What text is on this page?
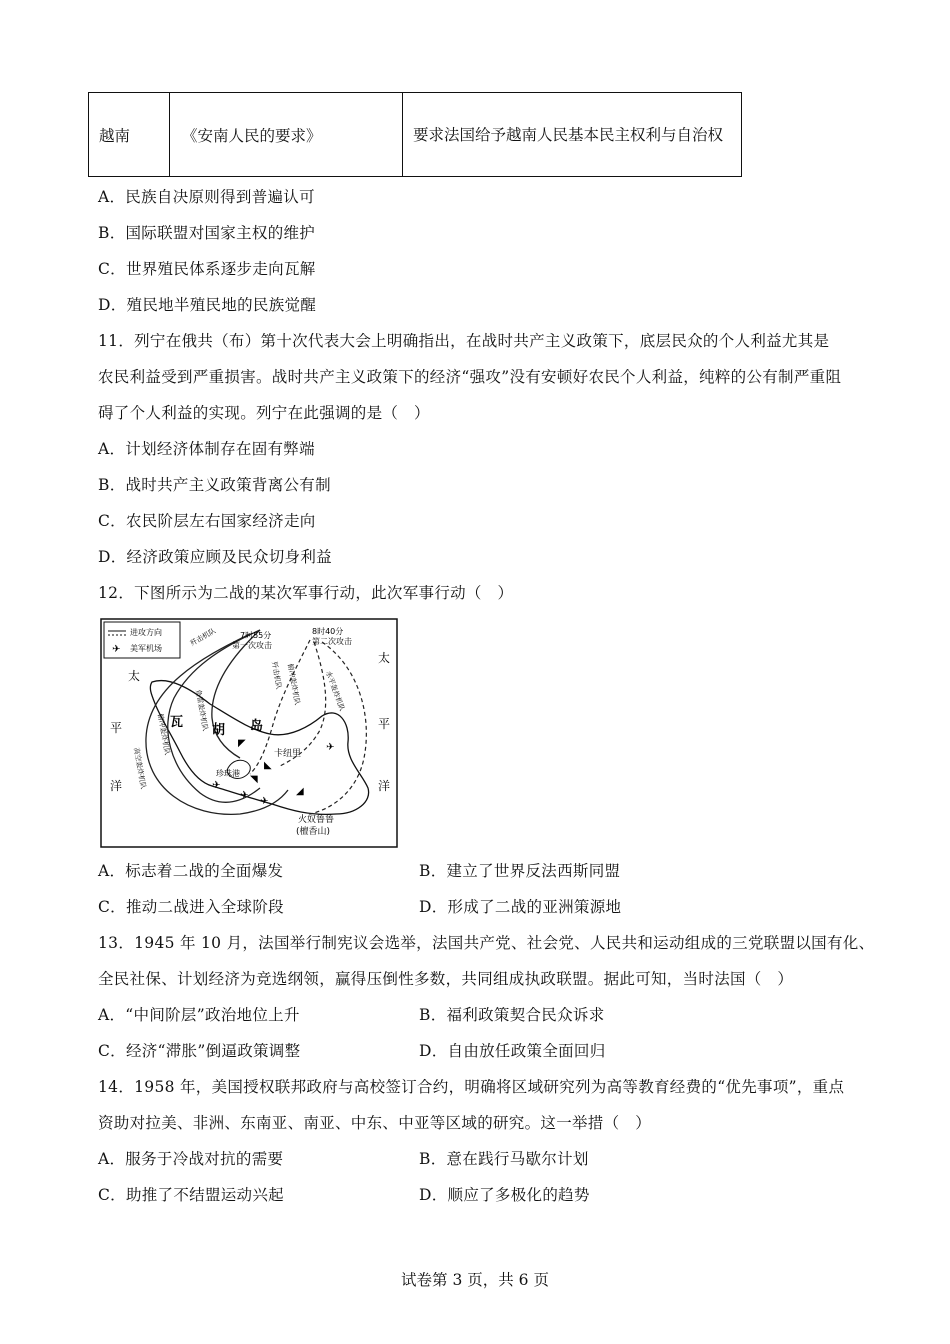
越南	《安南人民的要求》	要求法国给予越南人民基本民主权利与自治权
A．民族自决原则得到普遍认可
B．国际联盟对国家主权的维护
C．世界殖民体系逐步走向瓦解
D．殖民地半殖民地的民族觉醒
11．列宁在俄共（布）第十次代表大会上明确指出，在战时共产主义政策下，底层民众的个人利益尤其是
农民利益受到严重损害。战时共产主义政策下的经济“强攻”没有安顿好农民个人利益，纯粹的公有制严重阻
碍了个人利益的实现。列宁在此强调的是（　）
A．计划经济体制存在固有弊端
B．战时共产主义政策背离公有制
C．农民阶层左右国家经济走向
D．经济政策应顾及民众切身利益
12．下图所示为二战的某次军事行动，此次军事行动（　）
进攻方向
✈ 美军机场
◤
◣
◥
◢
✈
✈
✈
✈
7时55分
第一次攻击
8时40分
第二次攻击
歼击机队
歼击机队 俯冲轰炸机队	水平轰炸机队
鱼雷轰炸机队
俯冲轰炸机队
高空轰炸机队
太
平
洋
太
平
洋
瓦
胡 岛
珍珠港
卡纽里
火奴鲁鲁
(檀香山)
A．标志着二战的全面爆发	B．建立了世界反法西斯同盟
C．推动二战进入全球阶段	D．形成了二战的亚洲策源地
13．1945 年 10 月，法国举行制宪议会选举，法国共产党、社会党、人民共和运动组成的三党联盟以国有化、
全民社保、计划经济为竞选纲领，赢得压倒性多数，共同组成执政联盟。据此可知，当时法国（　）
A．“中间阶层”政治地位上升	B．福利政策契合民众诉求
C．经济“滞胀”倒逼政策调整	D．自由放任政策全面回归
14．1958 年，美国授权联邦政府与高校签订合约，明确将区域研究列为高等教育经费的“优先事项”，重点
资助对拉美、非洲、东南亚、南亚、中东、中亚等区域的研究。这一举措（　）
A．服务于冷战对抗的需要	B．意在践行马歇尔计划
C．助推了不结盟运动兴起	D．顺应了多极化的趋势
试卷第 3 页，共 6 页
